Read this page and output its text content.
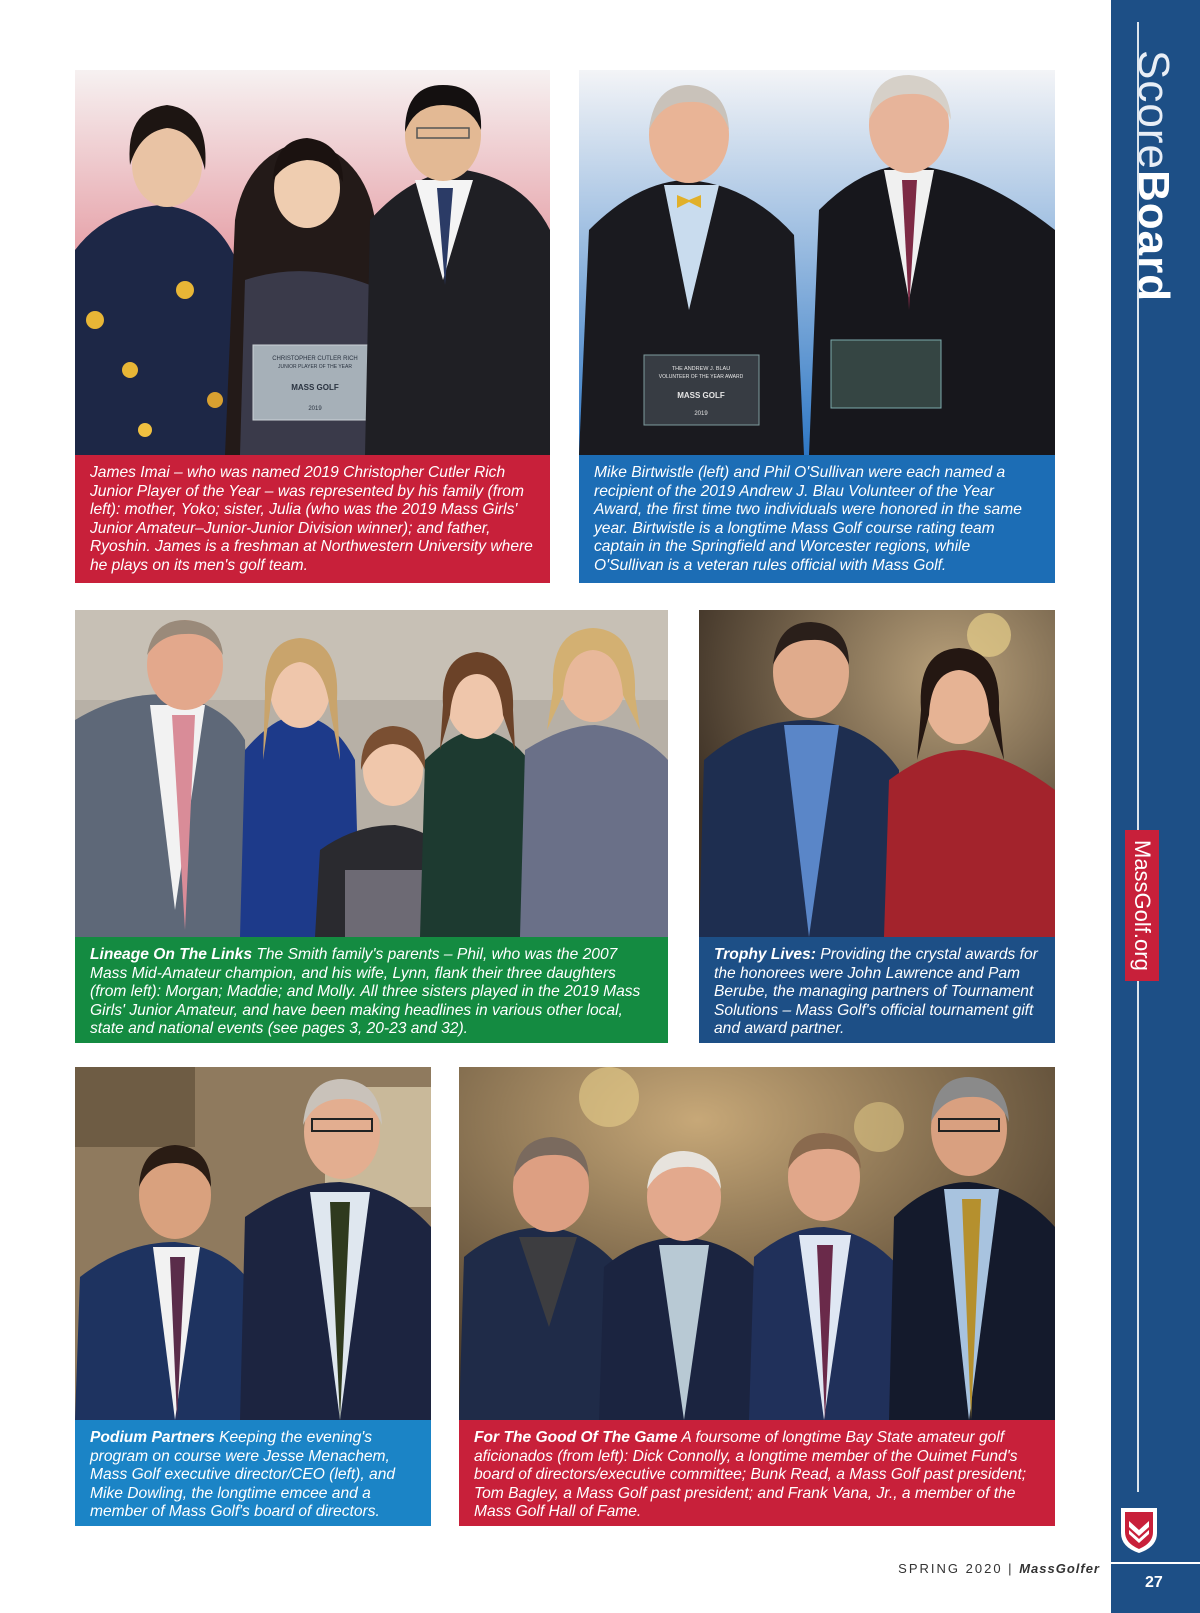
CHRISTOPHER CUTLER RICH
JUNIOR PLAYER OF THE YEAR
MASS GOLF
2019
James Imai – who was named 2019 Christopher Cutler Rich Junior Player of the Year – was represented by his family (from left): mother, Yoko; sister, Julia (who was the 2019 Mass Girls' Junior Amateur–Junior-Junior Division winner); and father, Ryoshin. James is a freshman at Northwestern University where he plays on its men's golf team.
THE ANDREW J. BLAU
VOLUNTEER OF THE YEAR AWARD
MASS GOLF
2019
Mike Birtwistle (left) and Phil O'Sullivan were each named a recipient of the 2019 Andrew J. Blau Volunteer of the Year Award, the first time two individuals were honored in the same year. Birtwistle is a longtime Mass Golf course rating team captain in the Springfield and Worcester regions, while O'Sullivan is a veteran rules official with Mass Golf.
Lineage On The Links The Smith family's parents – Phil, who was the 2007 Mass Mid-Amateur champion, and his wife, Lynn, flank their three daughters (from left): Morgan; Maddie; and Molly. All three sisters played in the 2019 Mass Girls' Junior Amateur, and have been making headlines in various other local, state and national events (see pages 3, 20-23 and 32).
Trophy Lives: Providing the crystal awards for the honorees were John Lawrence and Pam Berube, the managing partners of Tournament Solutions – Mass Golf's official tournament gift and award partner.
Podium Partners Keeping the evening's program on course were Jesse Menachem, Mass Golf executive director/CEO (left), and Mike Dowling, the longtime emcee and a member of Mass Golf's board of directors.
For The Good Of The Game A foursome of longtime Bay State amateur golf aficionados (from left): Dick Connolly, a longtime member of the Ouimet Fund's board of directors/executive committee; Bunk Read, a Mass Golf past president; Tom Bagley, a Mass Golf past president; and Frank Vana, Jr., a member of the Mass Golf Hall of Fame.
SPRING 2020 | MassGolfer
ScoreBoard
MassGolf.org
27
